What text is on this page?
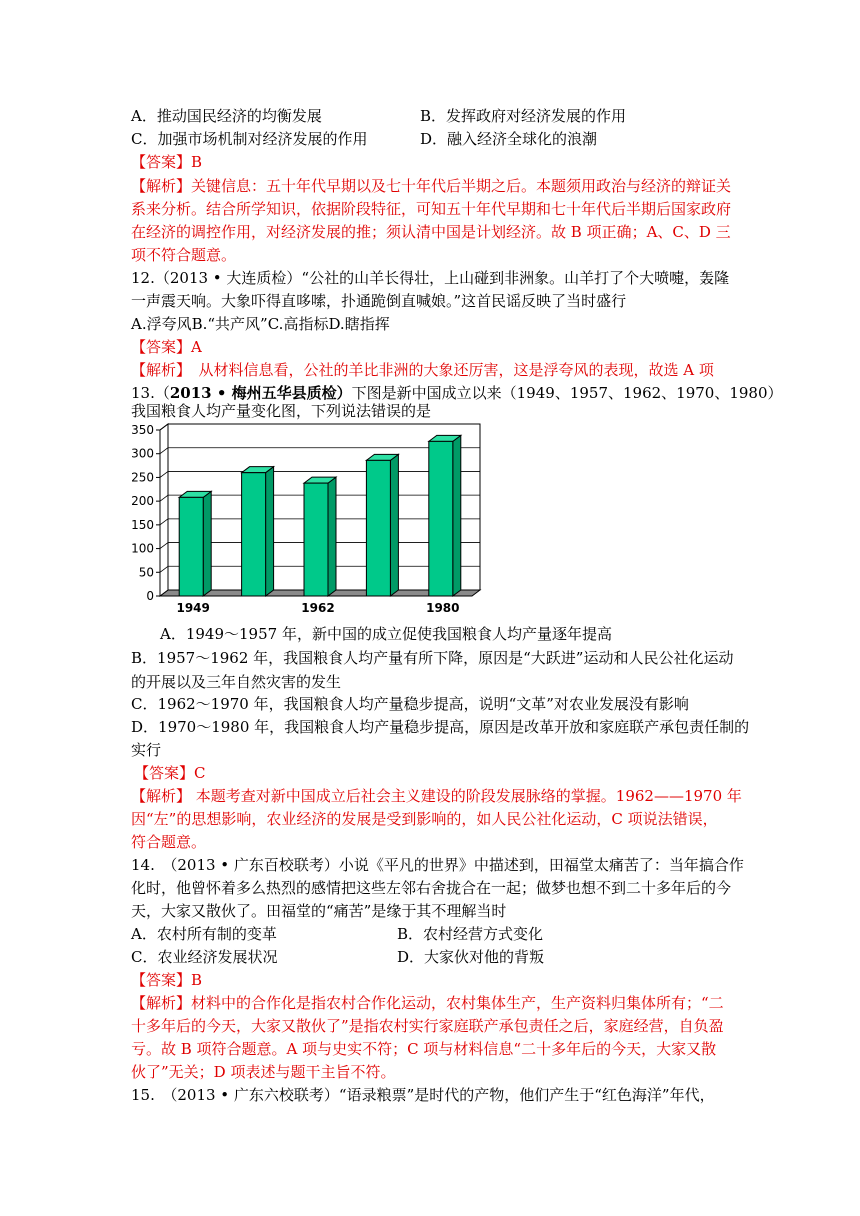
A．推动国民经济的均衡发展	B．发挥政府对经济发展的作用
C．加强市场机制对经济发展的作用	D．融入经济全球化的浪潮
【答案】B
【解析】关键信息：五十年代早期以及七十年代后半期之后。本题须用政治与经济的辩证关
系来分析。结合所学知识，依据阶段特征，可知五十年代早期和七十年代后半期后国家政府
在经济的调控作用，对经济发展的推；须认清中国是计划经济。故 B 项正确；A、C、D 三
项不符合题意。
12.（2013 • 大连质检）“公社的山羊长得壮，上山碰到非洲象。山羊打了个大喷嚏，轰隆
一声震天响。大象吓得直哆嗦，扑通跪倒直喊娘。”这首民谣反映了当时盛行
A.浮夸风B.“共产风”C.高指标D.瞎指挥
【答案】A
【解析】　从材料信息看，公社的羊比非洲的大象还厉害，这是浮夸风的表现，故选 A 项
13.（2013 • 梅州五华县质检）下图是新中国成立以来（1949、1957、1962、1970、1980）
我国粮食人均产量变化图，下列说法错误的是
0
50
100
150
200
250
300
350
1949	1962	1980
A．1949～1957 年，新中国的成立促使我国粮食人均产量逐年提高
B．1957～1962 年，我国粮食人均产量有所下降，原因是“大跃进”运动和人民公社化运动
的开展以及三年自然灾害的发生
C．1962～1970 年，我国粮食人均产量稳步提高，说明“文革”对农业发展没有影响
D．1970～1980 年，我国粮食人均产量稳步提高，原因是改革开放和家庭联产承包责任制的
实行
【答案】C
【解析】 本题考查对新中国成立后社会主义建设的阶段发展脉络的掌握。1962——1970 年
因“左”的思想影响，农业经济的发展是受到影响的，如人民公社化运动，C 项说法错误，
符合题意。
14.　（2013 • 广东百校联考）小说《平凡的世界》中描述到，田福堂太痛苦了：当年搞合作
化时，他曾怀着多么热烈的感情把这些左邻右舍拢合在一起；做梦也想不到二十多年后的今
天，大家又散伙了。田福堂的“痛苦”是缘于其不理解当时
A．农村所有制的变革	B．农村经营方式变化
C．农业经济发展状况	D．大家伙对他的背叛
【答案】B
【解析】材料中的合作化是指农村合作化运动，农村集体生产，生产资料归集体所有；“二
十多年后的今天，大家又散伙了”是指农村实行家庭联产承包责任之后，家庭经营，自负盈
亏。故 B 项符合题意。A 项与史实不符；C 项与材料信息“二十多年后的今天，大家又散
伙了”无关；D 项表述与题干主旨不符。
15.　（2013 • 广东六校联考）“语录粮票”是时代的产物，他们产生于“红色海洋”年代，
